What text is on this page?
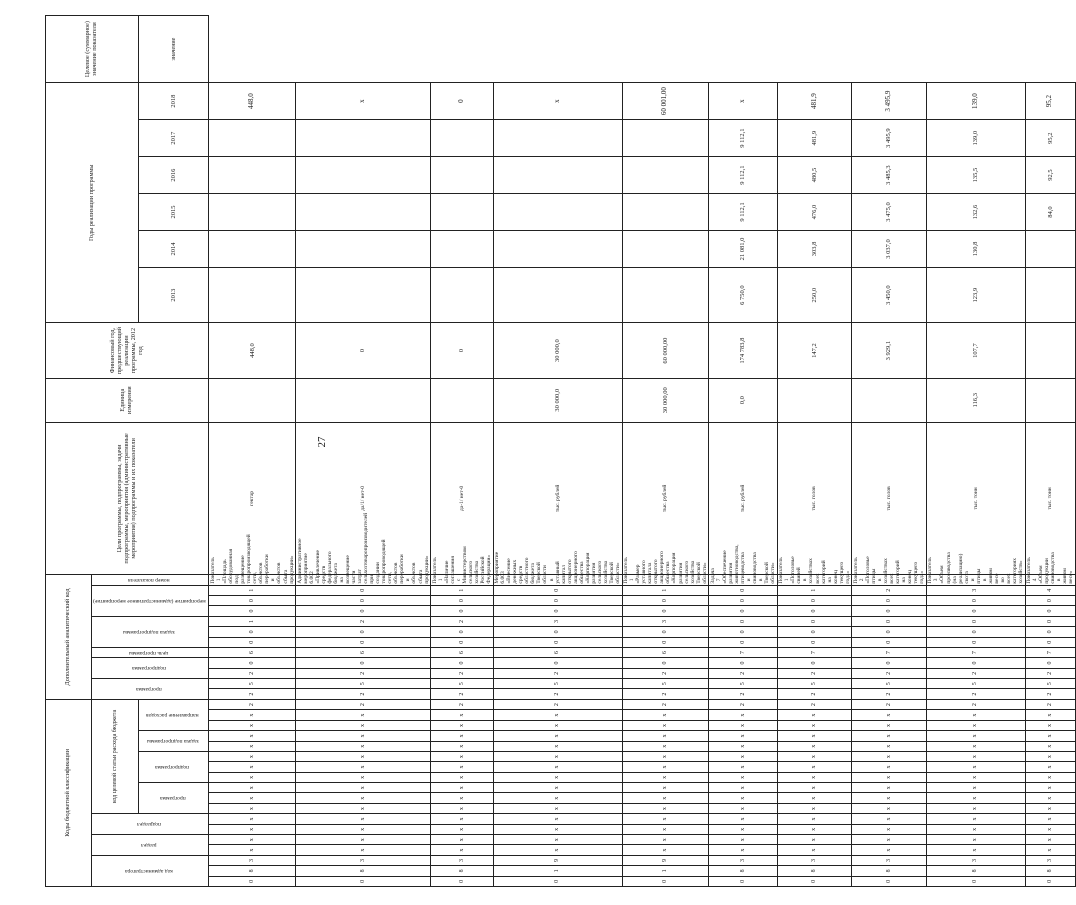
27
Коды бюджетной классификации																		Дополнительный аналитический код												Цели программы, подпрограммы, задачи подпрограммы, мероприятия (административные мероприятия) подпрограммы и их показатели	Единица измерения	Финансовый год, предшествующий реализации программы, 2012 год	Годы реализации программы						Целевое (суммарное) значение показателя
код администратора			раздел		подраздел		код целевой статьи расхода бюджета											программа		подпрограмма		цель программы	задача подпрограммы			мероприятие (административное мероприятие)			номер показателя										
							программа			подпрограмма			задача подпрограммы		направление расходов																		2013	2014	2015	2016	2017	2018	значение
0	8	3	x	x	x	x	x	x	x	x	x	x	x	x	x	x	2	2	5	2	0	6	0	0	1	0	0	1	Показатель 1 «Площадь оборудованная под размещение товаропроизводящей сети, объектов переработки и объектов сбыта продукции»	гектар		448,0						448,0	
0	8	3	x	x	x	x	x	x	x	x	x	x	x	x	x	x	2	2	5	2	0	6	0	0	2	0	0	0	Административное мероприятие 6.002 «Привлечение средств федерального бюджета на возмещение части затрат сельхозтоваропроизводителей при создании товаропроводящей сети, объектов переработки и объектов сбыта продукции»	да/1/ нет-0		0						x	
0	8	3	x	x	x	x	x	x	x	x	x	x	x	x	x	x	2	2	5	2	0	6	0	0	2	0	0	1	Показатель 1 «Наличие соглашения с Министерством сельского хозяйства Российской Федерации»	да-1/ нет-0		0						0	
0	1	9	x	x	x	x	x	x	x	x	x	x	x	x	x	x	2	2	5	2	0	6	0	0	3	0	0	0	Мероприятие 6.003 «Внесение денежных средств областного бюджета Тверской области в уставный капитал открытого акционерного общества «Корпорация развития сельского хозяйства Тверской области»	тыс. рублей	30 000,0	30 000,0						x	
0	1	9	x	x	x	x	x	x	x	x	x	x	x	x	x	x	2	2	5	2	0	6	0	0	3	0	0	1	Показатель 1 «Размер уставного капитала открытого акционерного общества «Корпорация развития сельского хозяйства Тверской области»	тыс. рублей	30 000,00	60 000,00						60 001,00	
0	8	3	x	x	x	x	x	x	x	x	x	x	x	x	x	x	2	2	5	2	0	7	0	0	0	0	0	0	Задача 7 «Обеспечение развития животноводства, птицеводства и свиноводства в Тверской области»	тыс. рублей	0,0	174 783,8	6 750,0	21 081,0	9 112,1	9 112,1	9 112,1	x	
0	8	3	x	x	x	x	x	x	x	x	x	x	x	x	x	x	2	2	5	2	0	7	0	0	0	0	0	1	Показатель 1 «Поголовье свиней в хозяйствах всех категорий на конец текущего года»	тыс. голов		147,2	250,0	303,8	476,0	480,5	481,9	481,9	
0	8	3	x	x	x	x	x	x	x	x	x	x	x	x	x	x	2	2	5	2	0	7	0	0	0	0	0	2	Показатель 2 «Поголовье птицы в хозяйствах всех категорий на конец текущего года»	тыс. голов		3 929,1	3 450,0	3 037,0	3 475,0	3 485,3	3 495,9	3 495,9	
0	8	3	x	x	x	x	x	x	x	x	x	x	x	x	x	x	2	2	5	2	0	7	0	0	0	0	0	3	Показатель 3 «Объем производства (на реализацию) скота и птицы в живом весе во всех категориях хозяйств»	тыс. тонн	116,3	107,7	123,9	130,8	132,6	135,5	139,0	139,0	
0	8	3	x	x	x	x	x	x	x	x	x	x	x	x	x	x	2	2	5	2	0	7	0	0	0	0	0	4	Показатель 4 «Объем продукции свиноводства в живом весе»	тыс. тонн					84,0	92,5	95,2	95,2	
